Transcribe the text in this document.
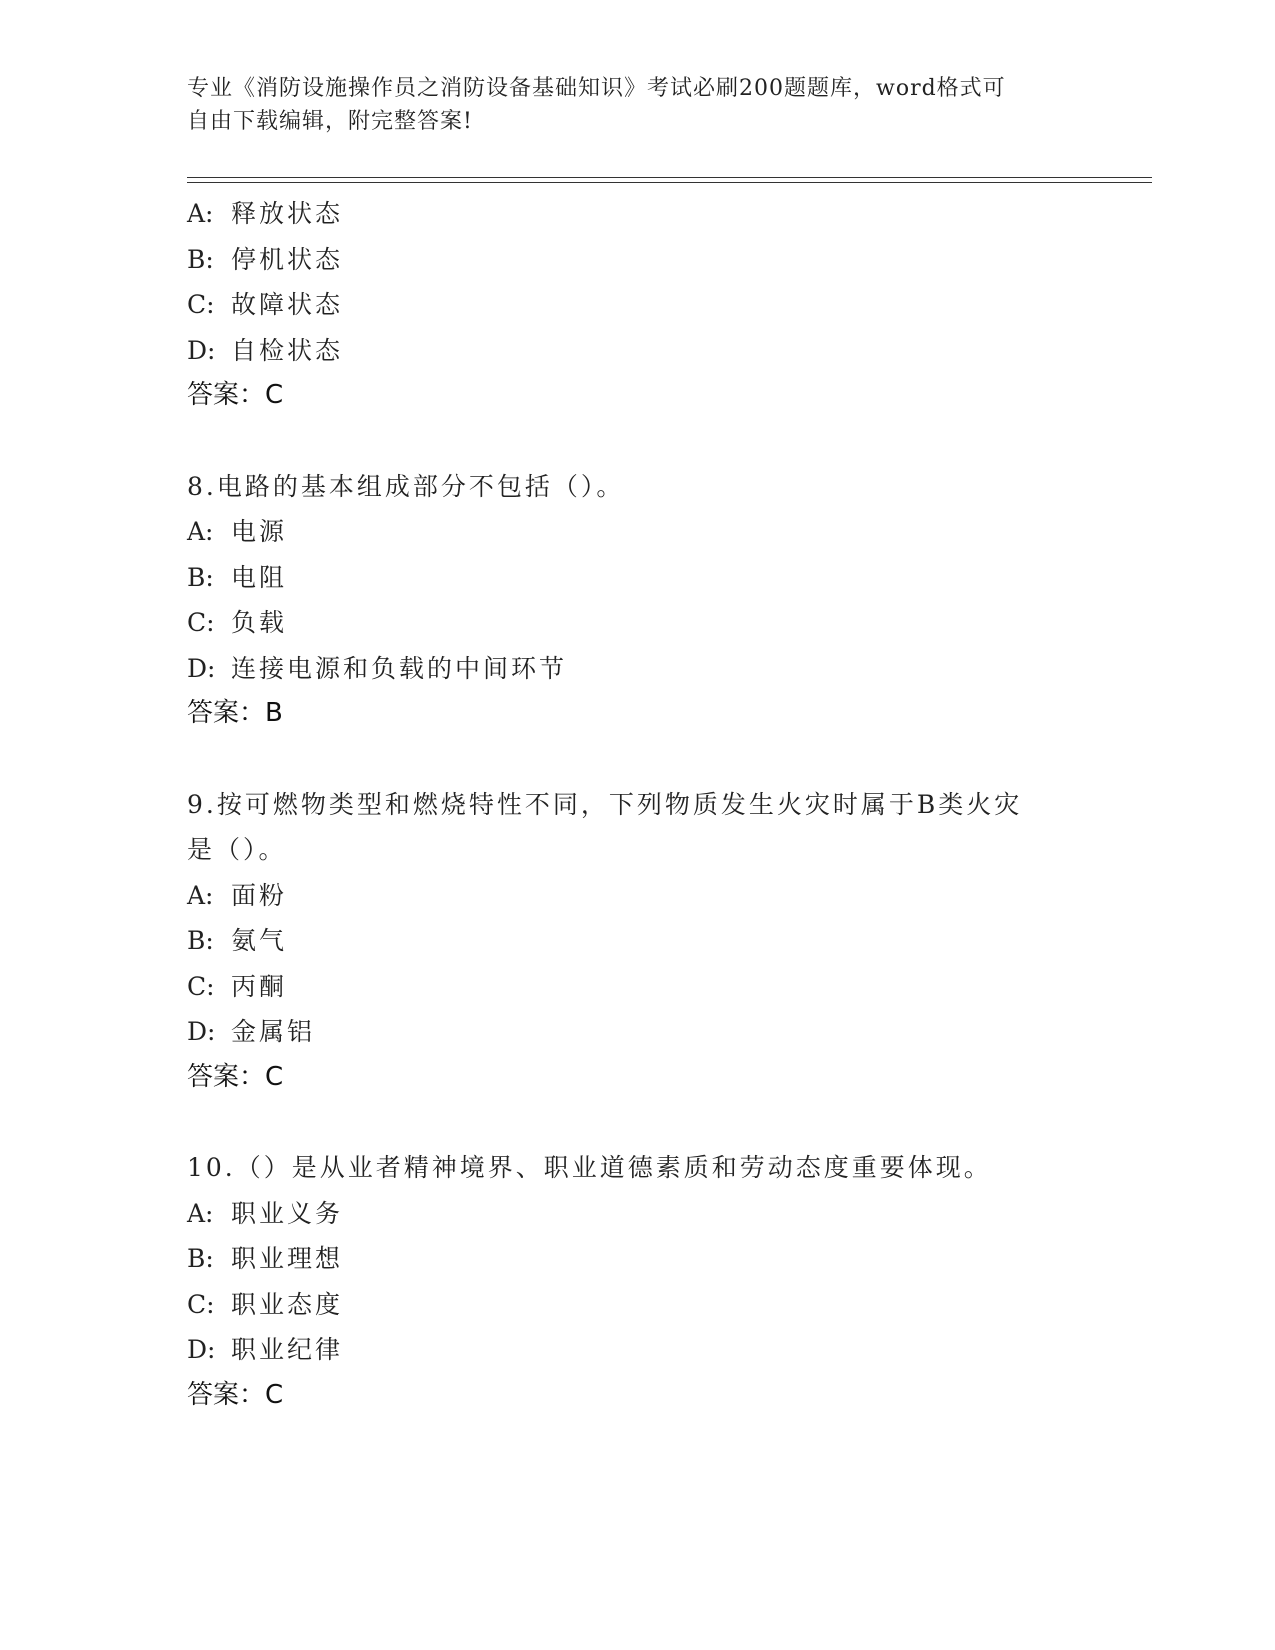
专业《消防设施操作员之消防设备基础知识》考试必刷200题题库，word格式可
自由下载编辑，附完整答案!
A: 释放状态
B: 停机状态
C: 故障状态
D: 自检状态
答案：C
8.电路的基本组成部分不包括（）。
A: 电源
B: 电阻
C: 负载
D: 连接电源和负载的中间环节
答案：B
9.按可燃物类型和燃烧特性不同，下列物质发生火灾时属于B类火灾
是（）。
A: 面粉
B: 氨气
C: 丙酮
D: 金属铝
答案：C
10.（）是从业者精神境界、职业道德素质和劳动态度重要体现。
A: 职业义务
B: 职业理想
C: 职业态度
D: 职业纪律
答案：C
